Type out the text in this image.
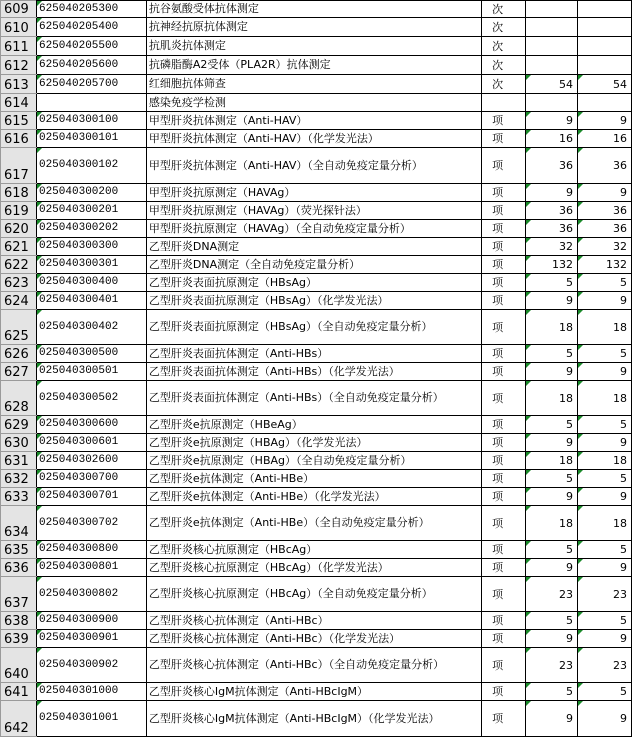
609	625040205300	抗谷氨酸受体抗体测定	次		
610	625040205400	抗神经抗原抗体测定	次		
611	625040205500	抗肌炎抗体测定	次		
612	625040205600	抗磷脂酶A2受体（PLA2R）抗体测定	次		
613	625040205700	红细胞抗体筛查	次	54	54
614		感染免疫学检测			
615	025040300100	甲型肝炎抗体测定（Anti-HAV）	项	9	9
616	025040300101	甲型肝炎抗体测定（Anti-HAV）（化学发光法）	项	16	16
617	025040300102	甲型肝炎抗体测定（Anti-HAV）（全自动免疫定量分析）	项	36	36
618	025040300200	甲型肝炎抗原测定（HAVAg）	项	9	9
619	025040300201	甲型肝炎抗原测定（HAVAg）（荧光探针法）	项	36	36
620	025040300202	甲型肝炎抗原测定（HAVAg）（全自动免疫定量分析）	项	36	36
621	025040300300	乙型肝炎DNA测定	项	32	32
622	025040300301	乙型肝炎DNA测定（全自动免疫定量分析）	项	132	132
623	025040300400	乙型肝炎表面抗原测定（HBsAg）	项	5	5
624	025040300401	乙型肝炎表面抗原测定（HBsAg）（化学发光法）	项	9	9
625	025040300402	乙型肝炎表面抗原测定（HBsAg）（全自动免疫定量分析）	项	18	18
626	025040300500	乙型肝炎表面抗体测定（Anti-HBs）	项	5	5
627	025040300501	乙型肝炎表面抗体测定（Anti-HBs）（化学发光法）	项	9	9
628	025040300502	乙型肝炎表面抗体测定（Anti-HBs）（全自动免疫定量分析）	项	18	18
629	025040300600	乙型肝炎e抗原测定（HBeAg）	项	5	5
630	025040300601	乙型肝炎e抗原测定（HBAg）（化学发光法）	项	9	9
631	025040302600	乙型肝炎e抗原测定（HBAg）（全自动免疫定量分析）	项	18	18
632	025040300700	乙型肝炎e抗体测定（Anti-HBe）	项	5	5
633	025040300701	乙型肝炎e抗体测定（Anti-HBe）（化学发光法）	项	9	9
634	025040300702	乙型肝炎e抗体测定（Anti-HBe）（全自动免疫定量分析）	项	18	18
635	025040300800	乙型肝炎核心抗原测定（HBcAg）	项	5	5
636	025040300801	乙型肝炎核心抗原测定（HBcAg）（化学发光法）	项	9	9
637	025040300802	乙型肝炎核心抗原测定（HBcAg）（全自动免疫定量分析）	项	23	23
638	025040300900	乙型肝炎核心抗体测定（Anti-HBc）	项	5	5
639	025040300901	乙型肝炎核心抗体测定（Anti-HBc）（化学发光法）	项	9	9
640	025040300902	乙型肝炎核心抗体测定（Anti-HBc）（全自动免疫定量分析）	项	23	23
641	025040301000	乙型肝炎核心IgM抗体测定（Anti-HBcIgM）	项	5	5
642	025040301001	乙型肝炎核心IgM抗体测定（Anti-HBcIgM）（化学发光法）	项	9	9
